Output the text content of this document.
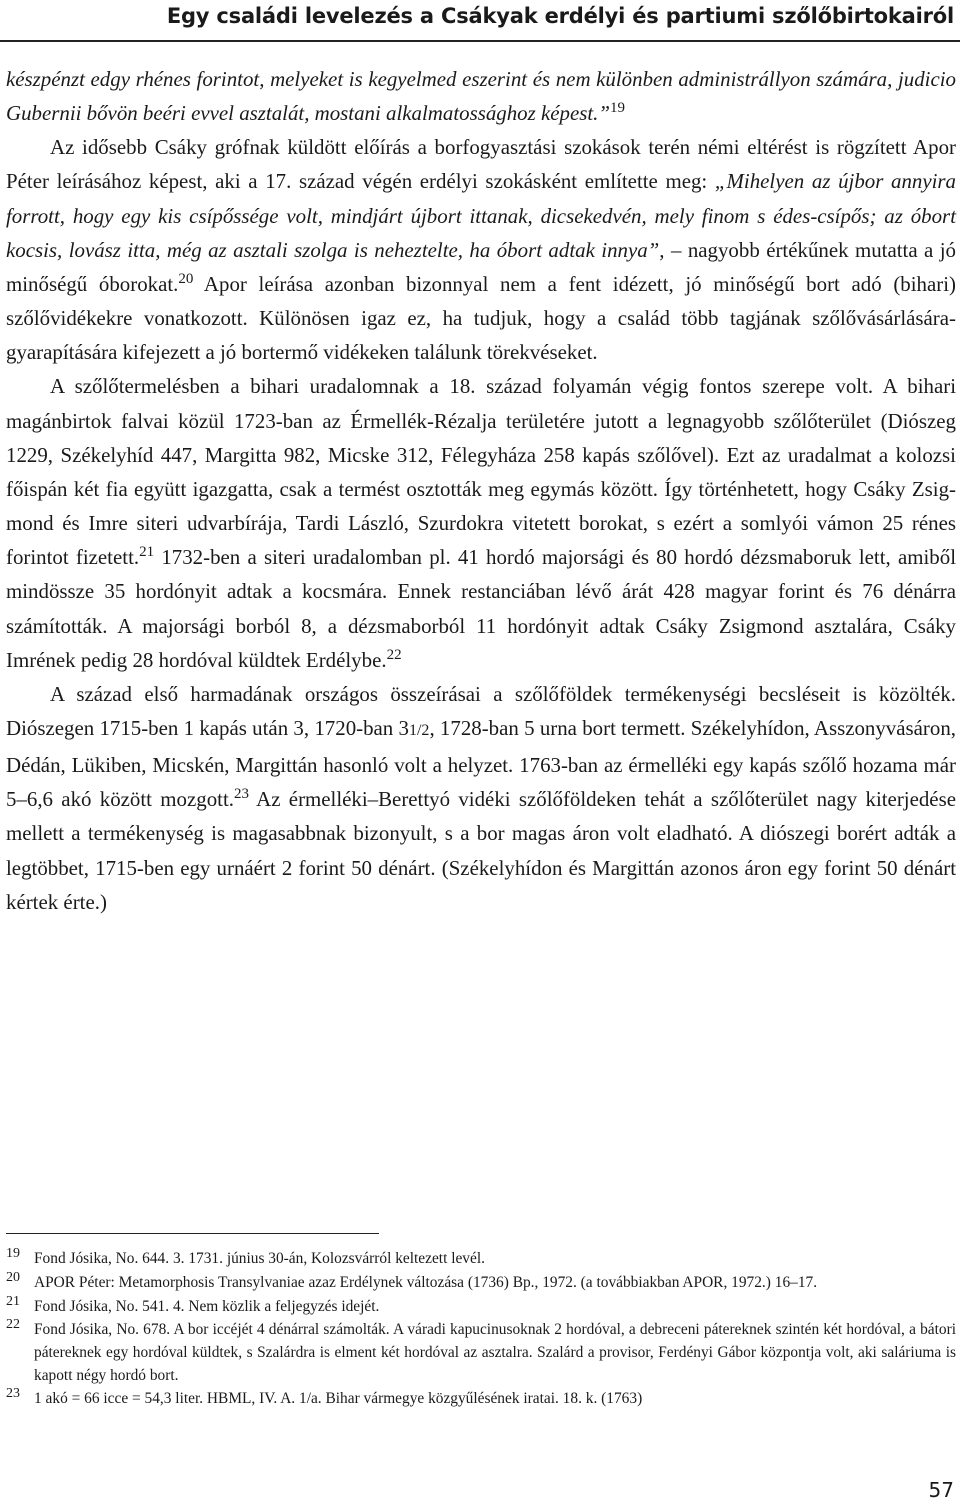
Egy családi levelezés a Csákyak erdélyi és partiumi szőlőbirtokairól

készpénzt edgy rhénes forintot, melyeket is kegyelmed eszerint és nem különben administrállyon számára, judicio Gubernii bővön beéri evvel asztalát, mostani alkalmatossághoz képest.”$^{19}$

Az idősebb Csáky grófnak küldött előírás a borfogyasztási szokások terén némi eltérést is rögzített Apor Péter leírásához képest, aki a 17. század végén erdélyi szokásként említette meg: „Mihelyen az újbor annyira forrott, hogy egy kis csípőssége volt, mindjárt újbort ittanak, dicsekedvén, mely finom s édes-csípős; az óbort kocsis, lovász itta, még az asztali szolga is neheztelte, ha óbort adtak innya”, – nagyobb értékűnek mutatta a jó minőségű óborokat.$^{20}$ Apor leírása azonban bizonnyal nem a fent idézett, jó minőségű bort adó (bihari) szőlővidékekre vonatkozott. Különösen igaz ez, ha tudjuk, hogy a család több tagjának szőlővásárlására-gyarapítására kifejezett a jó bortermő vidékeken találunk törekvéseket.

A szőlőtermelésben a bihari uradalomnak a 18. század folyamán végig fontos szerepe volt. A bihari magánbirtok falvai közül 1723-ban az Érmellék-Rézalja területére jutott a legnagyobb szőlőterület (Diószeg 1229, Székelyhíd 447, Margitta 982, Micske 312, Félegyháza 258 kapás szőlővel). Ezt az uradalmat a kolozsi főispán két fia együtt igazgatta, csak a termést osztották meg egymás között. Így történhetett, hogy Csáky Zsigmond és Imre siteri udvarbírája, Tardi László, Szurdokra vitetett borokat, s ezért a somlyói vámon 25 rénes forintot fizetett.$^{21}$ 1732-ben a siteri uradalomban pl. 41 hordó majorsági és 80 hordó dézsmaboruk lett, amiből mindössze 35 hordónyit adtak a kocsmára. Ennek restanciában lévő árát 428 magyar forint és 76 dénárra számították. A majorsági borból 8, a dézsmaborból 11 hordónyit adtak Csáky Zsigmond asztalára, Csáky Imrének pedig 28 hordóval küldtek Erdélybe.$^{22}$

A század első harmadának országos összeírásai a szőlőföldek termékenységi becsléseit is közölték. Diószegen 1715-ben 1 kapás után 3, 1720-ban 31/2, 1728-ban 5 urna bort termett. Székelyhídon, Asszonyvásáron, Dédán, Lükiben, Micskén, Margittán hasonló volt a helyzet. 1763-ban az érmelléki egy kapás szőlő hozama már 5–6,6 akó között mozgott.$^{23}$ Az érmelléki–Berettyó vidéki szőlőföldeken tehát a szőlőterület nagy kiterjedése mellett a termékenység is magasabbnak bizonyult, s a bor magas áron volt eladható. A diószegi borért adták a legtöbbet, 1715-ben egy urnáért 2 forint 50 dénárt. (Székelyhídon és Margittán azonos áron egy forint 50 dénárt kértek érte.)

19 Fond Jósika, No. 644. 3. 1731. június 30-án, Kolozsvárról keltezett levél.

20 APOR Péter: Metamorphosis Transylvaniae azaz Erdélynek változása (1736) Bp., 1972. (a továbbiakban APOR, 1972.) 16–17.

21 Fond Jósika, No. 541. 4. Nem közlik a feljegyzés idejét.

22 Fond Jósika, No. 678. A bor iccéjét 4 dénárral számolták. A váradi kapucinusoknak 2 hordóval, a debreceni pátereknek szintén két hordóval, a bátori pátereknek egy hordóval küldtek, s Szalárdra is elment két hordóval az asztalra. Szalárd a provisor, Ferdényi Gábor központja volt, aki saláriuma is kapott négy hordó bort.

23 1 akó = 66 icce = 54,3 liter. HBML, IV. A. 1/a. Bihar vármegye közgyűlésének iratai. 18. k. (1763)

57
